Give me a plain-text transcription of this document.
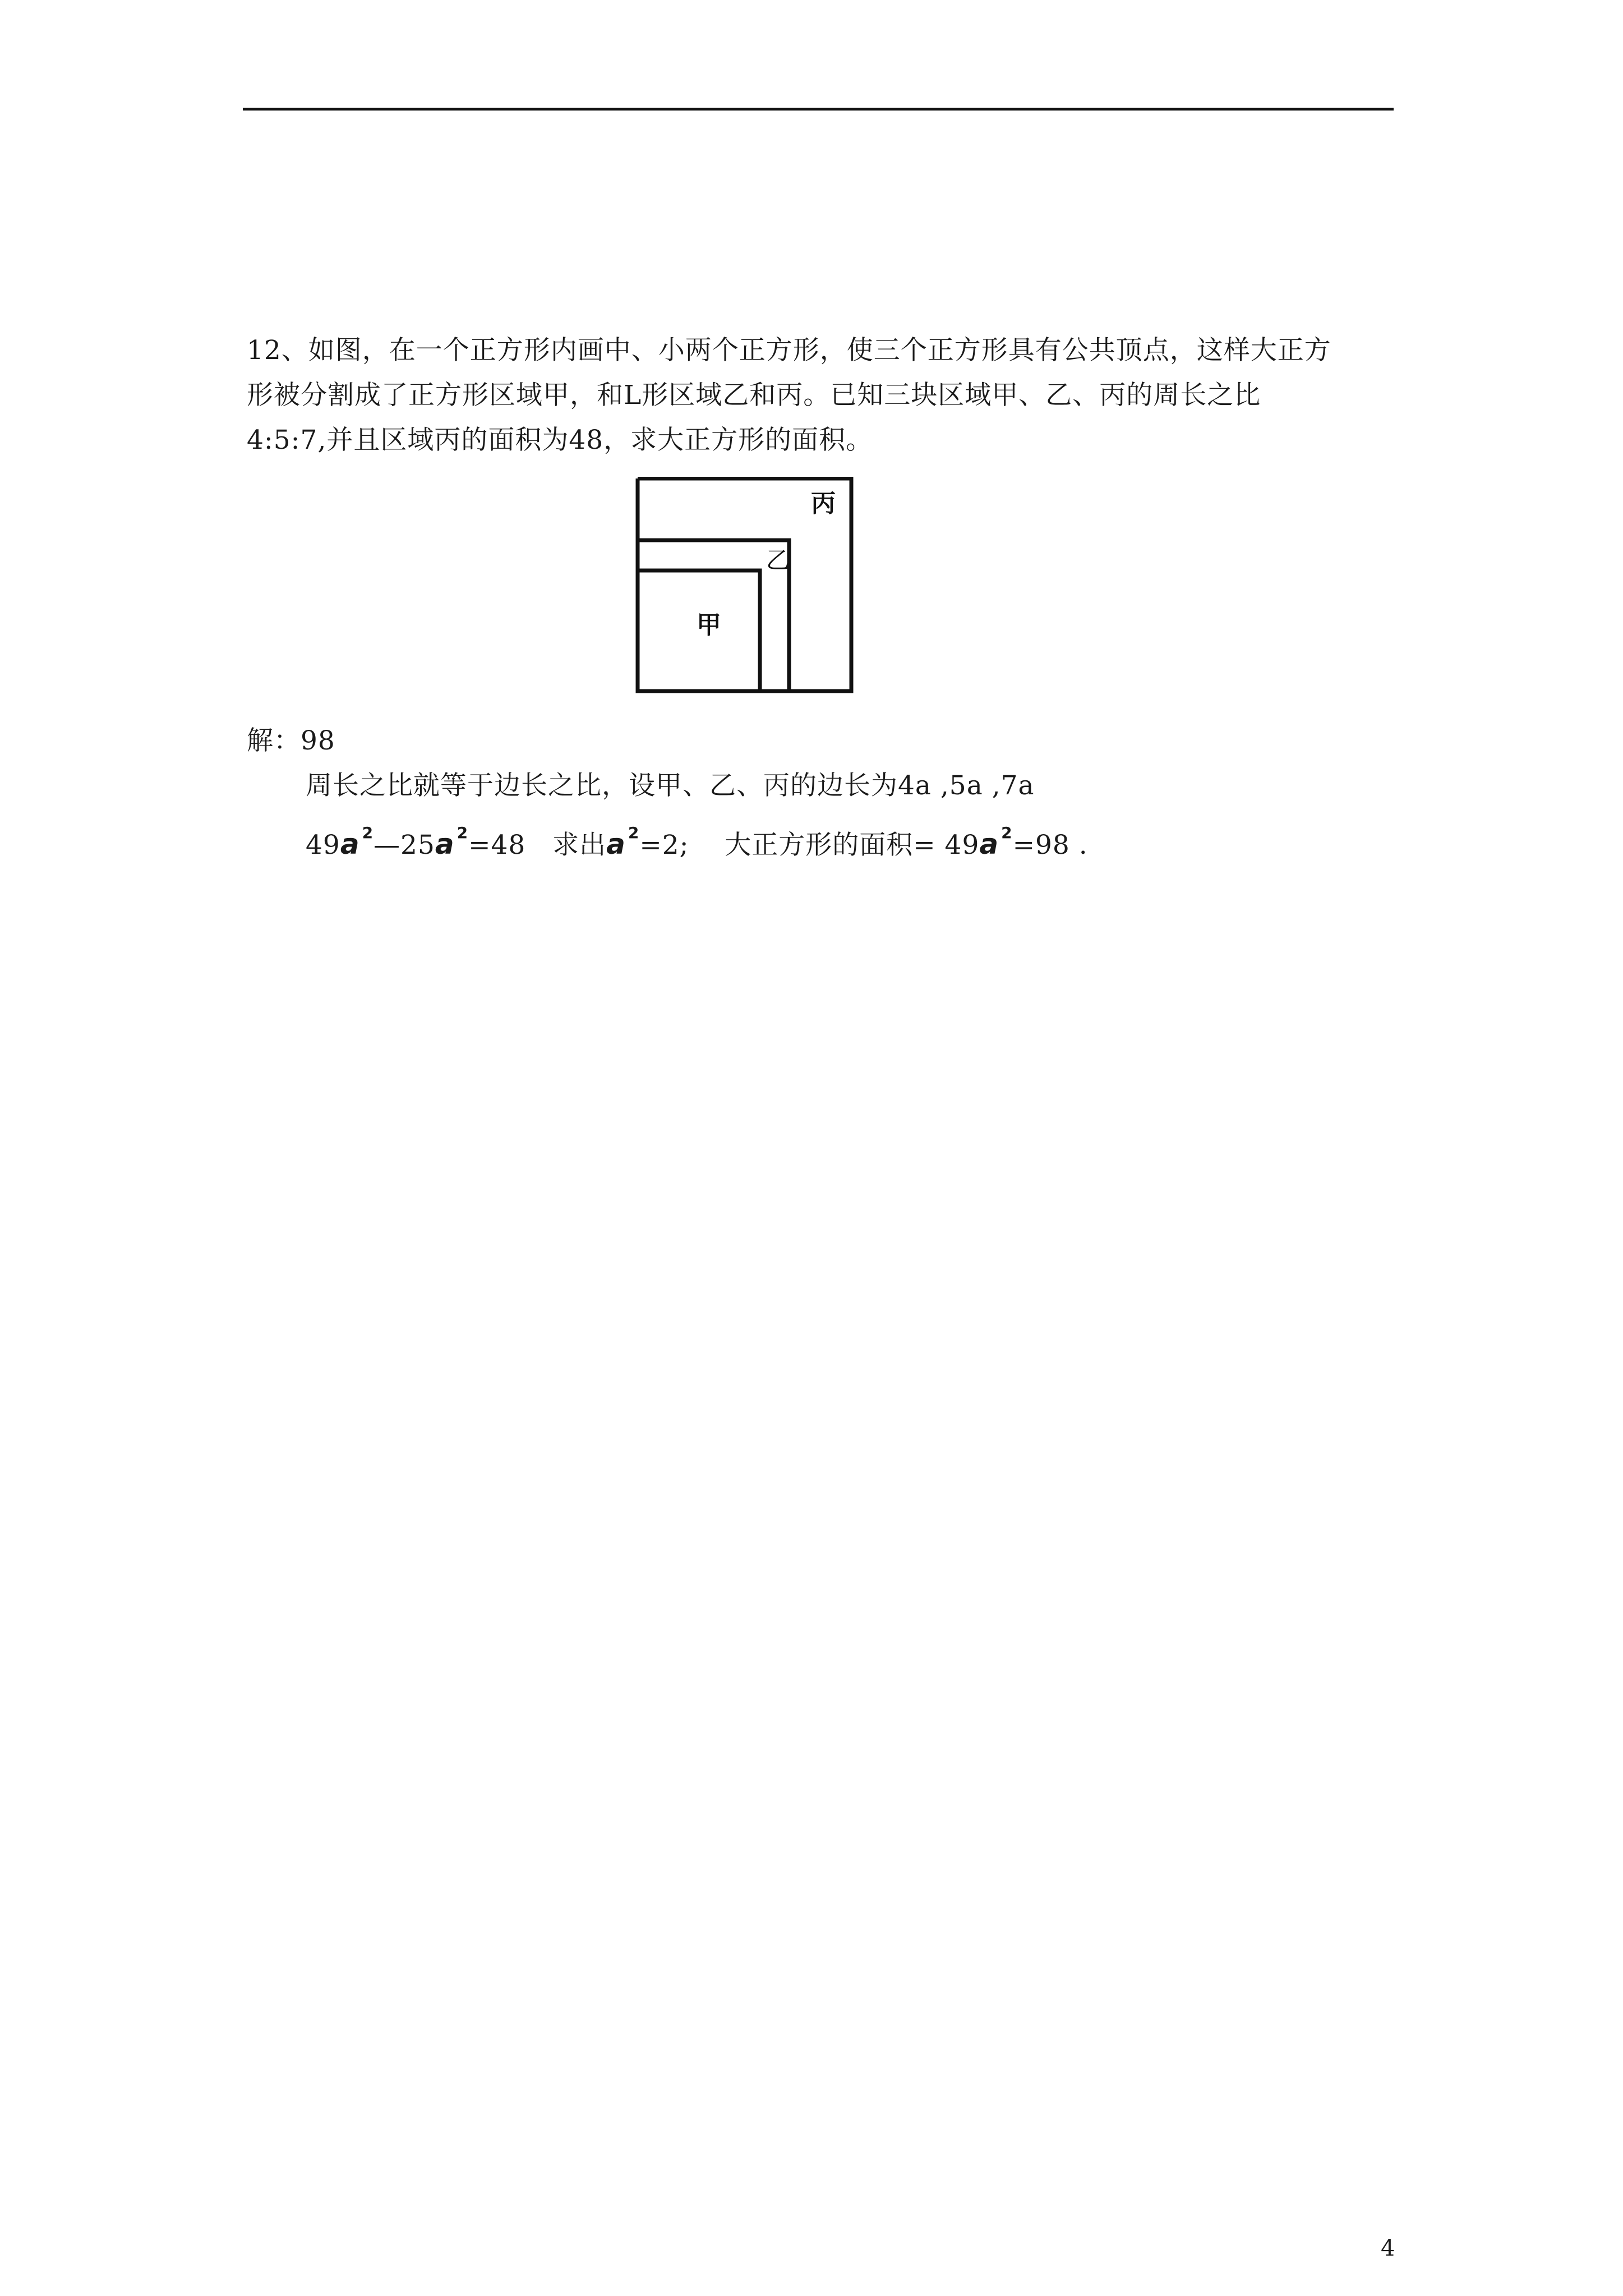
12、如图，在一个正方形内画中、小两个正方形，使三个正方形具有公共顶点，这样大正方
形被分割成了正方形区域甲，和L形区域乙和丙。已知三块区域甲、乙、丙的周长之比
4:5:7,并且区域丙的面积为48，求大正方形的面积。
丙
乙
甲
解：98
周长之比就等于边长之比，设甲、乙、丙的边长为4a ,5a ,7a
49a $^2$—25a $^2$=48   求出a $^2$=2;    大正方形的面积= 49a $^2$=98 .
4
